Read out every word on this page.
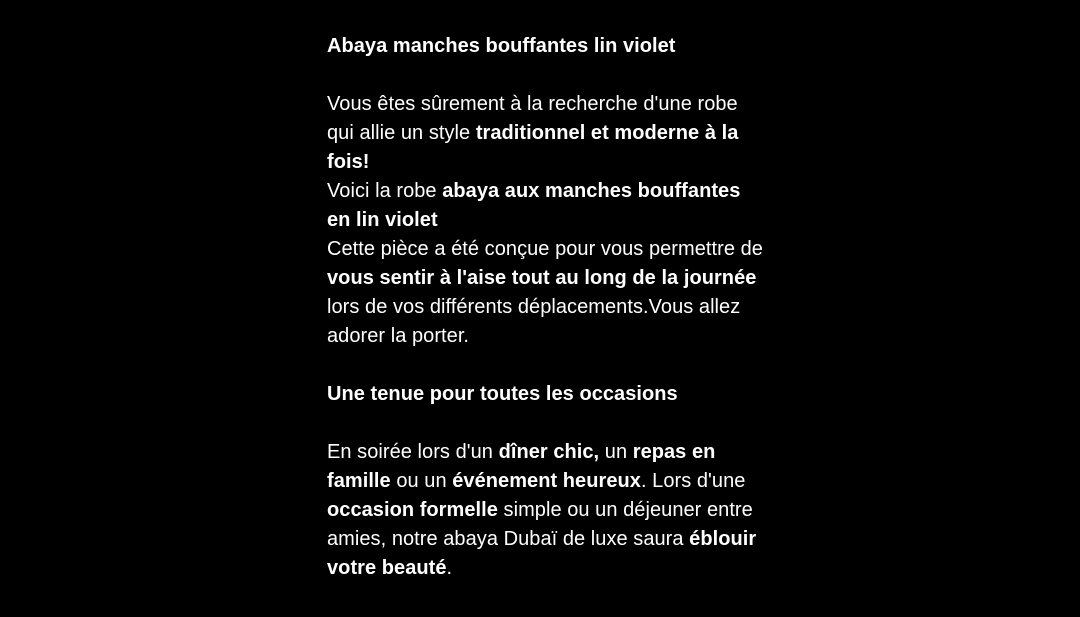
Abaya manches bouffantes lin violet

Vous êtes sûrement à la recherche d'une robe qui allie un style traditionnel et moderne à la fois!

Voici la robe abaya aux manches bouffantes en lin violet

Cette pièce a été conçue pour vous permettre de vous sentir à l'aise tout au long de la journée lors de vos différents déplacements.Vous allez adorer la porter.

Une tenue pour toutes les occasions

En soirée lors d'un dîner chic, un repas en famille ou un événement heureux. Lors d'une occasion formelle simple ou un déjeuner entre amies, notre abaya Dubaï de luxe saura éblouir votre beauté.
